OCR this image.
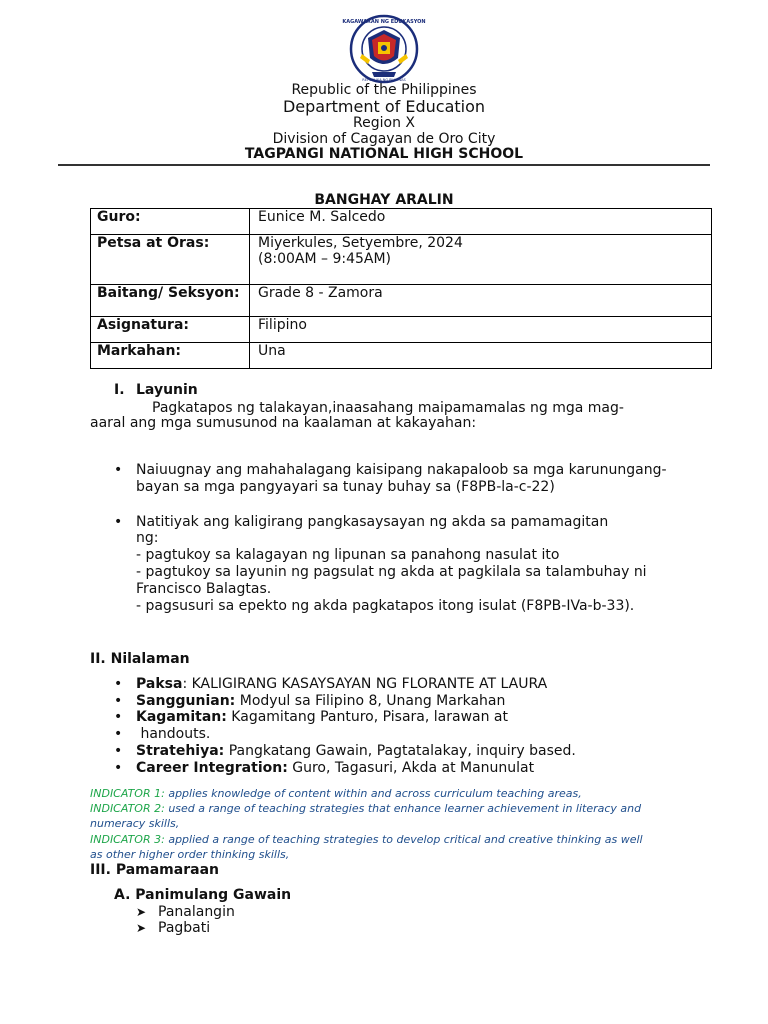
KAGAWARAN NG EDUKASYON
REPUBLIKA NG PILIPINAS
Republic of the Philippines
Department of Education
Region X
Division of Cagayan de Oro City
TAGPANGI NATIONAL HIGH SCHOOL
BANGHAY ARALIN
Guro:	Eunice M. Salcedo
Petsa at Oras:	Miyerkules, Setyembre, 2024
(8:00AM – 9:45AM)

Baitang/ Seksyon:	Grade 8 - Zamora
Asignatura:	Filipino
Markahan:	Una
I. Layunin
Pagkatapos ng talakayan,inaasahang maipamamalas ng mga mag-
aaral ang mga sumusunod na kaalaman at kakayahan:
• Naiuugnay ang mahahalagang kaisipang nakapaloob sa mga karunungang-
bayan sa mga pangyayari sa tunay buhay sa (F8PB-la-c-22)
• Natitiyak ang kaligirang pangkasaysayan ng akda sa pamamagitan
ng:
- pagtukoy sa kalagayan ng lipunan sa panahong nasulat ito
- pagtukoy sa layunin ng pagsulat ng akda at pagkilala sa talambuhay ni
Francisco Balagtas.
- pagsusuri sa epekto ng akda pagkatapos itong isulat (F8PB-IVa-b-33).
II. Nilalaman
• Paksa: KALIGIRANG KASAYSAYAN NG FLORANTE AT LAURA
• Sanggunian: Modyul sa Filipino 8, Unang Markahan
• Kagamitan: Kagamitang Panturo, Pisara, larawan at
• handouts.
• Stratehiya: Pangkatang Gawain, Pagtatalakay, inquiry based.
• Career Integration: Guro, Tagasuri, Akda at Manunulat
INDICATOR 1: applies knowledge of content within and across curriculum teaching areas,
INDICATOR 2: used a range of teaching strategies that enhance learner achievement in literacy and
numeracy skills,
INDICATOR 3: applied a range of teaching strategies to develop critical and creative thinking as well
as other higher order thinking skills,
III. Pamamaraan
A. Panimulang Gawain
➤ Panalangin
➤ Pagbati
